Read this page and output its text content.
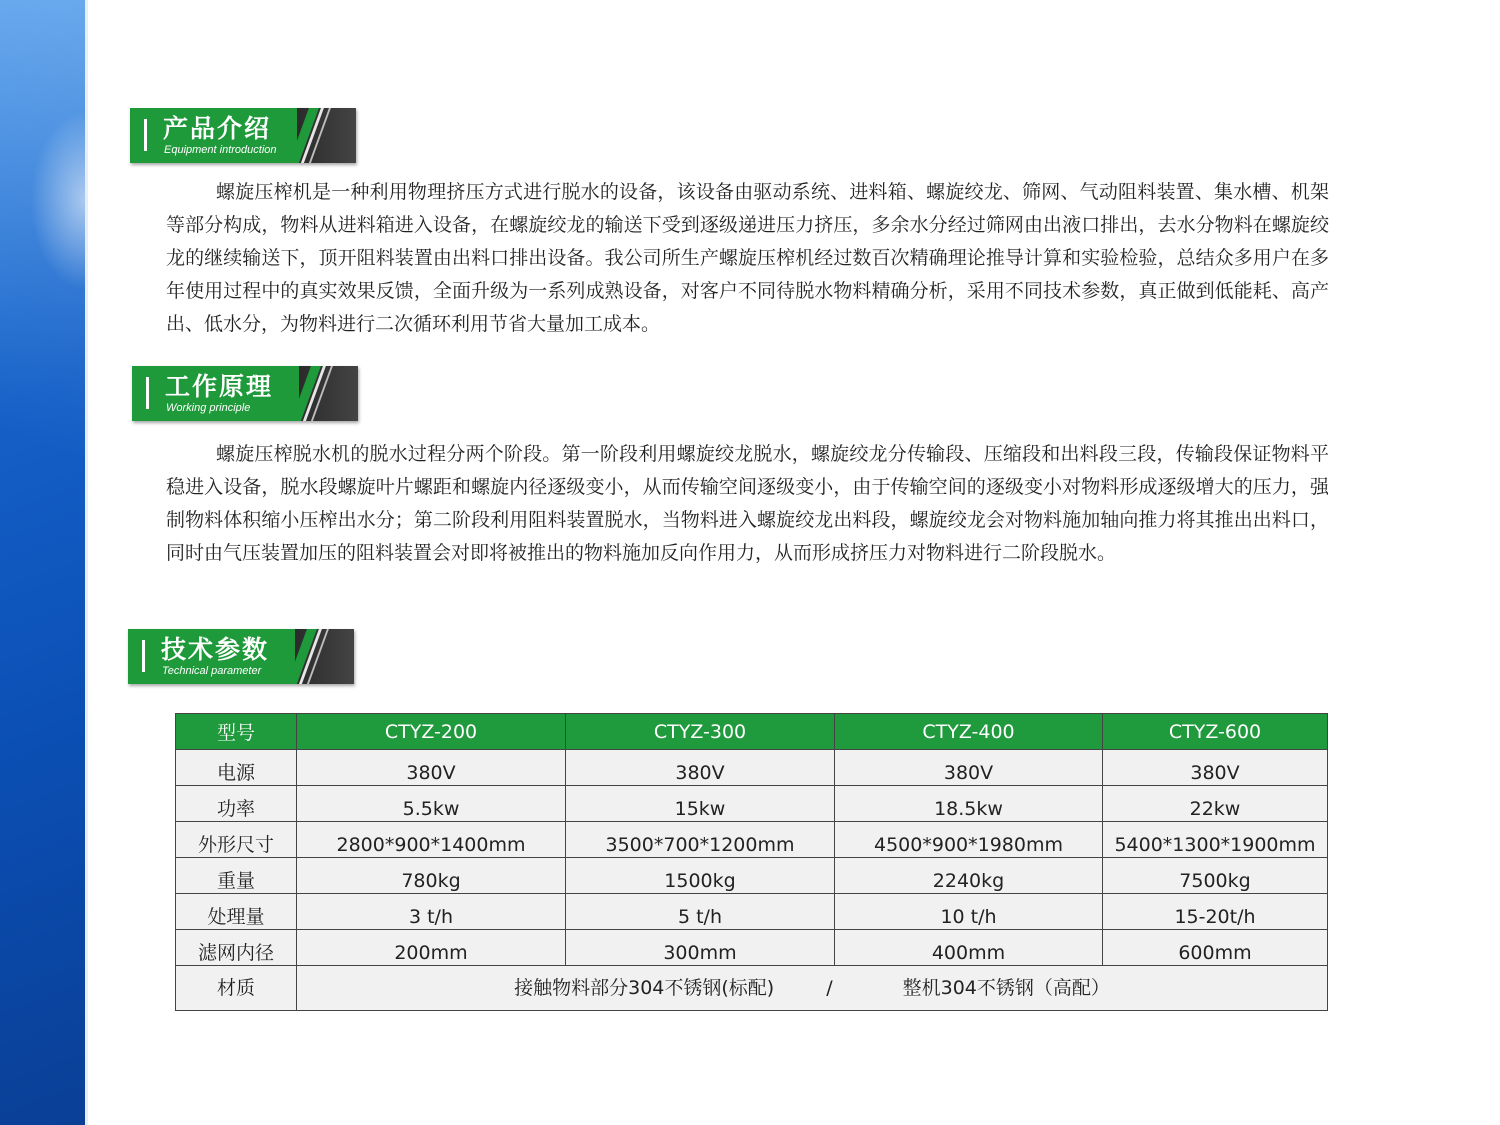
产品介绍
Equipment introduction

螺旋压榨机是一种利用物理挤压方式进行脱水的设备，该设备由驱动系统、进料箱、螺旋绞龙、筛网、气动阻料装置、集水槽、机架等部分构成，物料从进料箱进入设备，在螺旋绞龙的输送下受到逐级递进压力挤压，多余水分经过筛网由出液口排出，去水分物料在螺旋绞龙的继续输送下，顶开阻料装置由出料口排出设备。我公司所生产螺旋压榨机经过数百次精确理论推导计算和实验检验，总结众多用户在多年使用过程中的真实效果反馈，全面升级为一系列成熟设备，对客户不同待脱水物料精确分析，采用不同技术参数，真正做到低能耗、高产出、低水分，为物料进行二次循环利用节省大量加工成本。

工作原理
Working principle

螺旋压榨脱水机的脱水过程分两个阶段。第一阶段利用螺旋绞龙脱水，螺旋绞龙分传输段、压缩段和出料段三段，传输段保证物料平稳进入设备，脱水段螺旋叶片螺距和螺旋内径逐级变小，从而传输空间逐级变小，由于传输空间的逐级变小对物料形成逐级增大的压力，强制物料体积缩小压榨出水分；第二阶段利用阻料装置脱水，当物料进入螺旋绞龙出料段，螺旋绞龙会对物料施加轴向推力将其推出出料口，同时由气压装置加压的阻料装置会对即将被推出的物料施加反向作用力，从而形成挤压力对物料进行二阶段脱水。

技术参数
Technical parameter
型号	CTYZ-200	CTYZ-300	CTYZ-400	CTYZ-600
电源	380V	380V	380V	380V
功率	5.5kw	15kw	18.5kw	22kw
外形尺寸	2800*900*1400mm	3500*700*1200mm	4500*900*1980mm	5400*1300*1900mm
重量	780kg	1500kg	2240kg	7500kg
处理量	3 t/h	5 t/h	10 t/h	15-20t/h
滤网内径	200mm	300mm	400mm	600mm
材质	接触物料部分304不锈钢(标配) / 整机304不锈钢（高配）			
